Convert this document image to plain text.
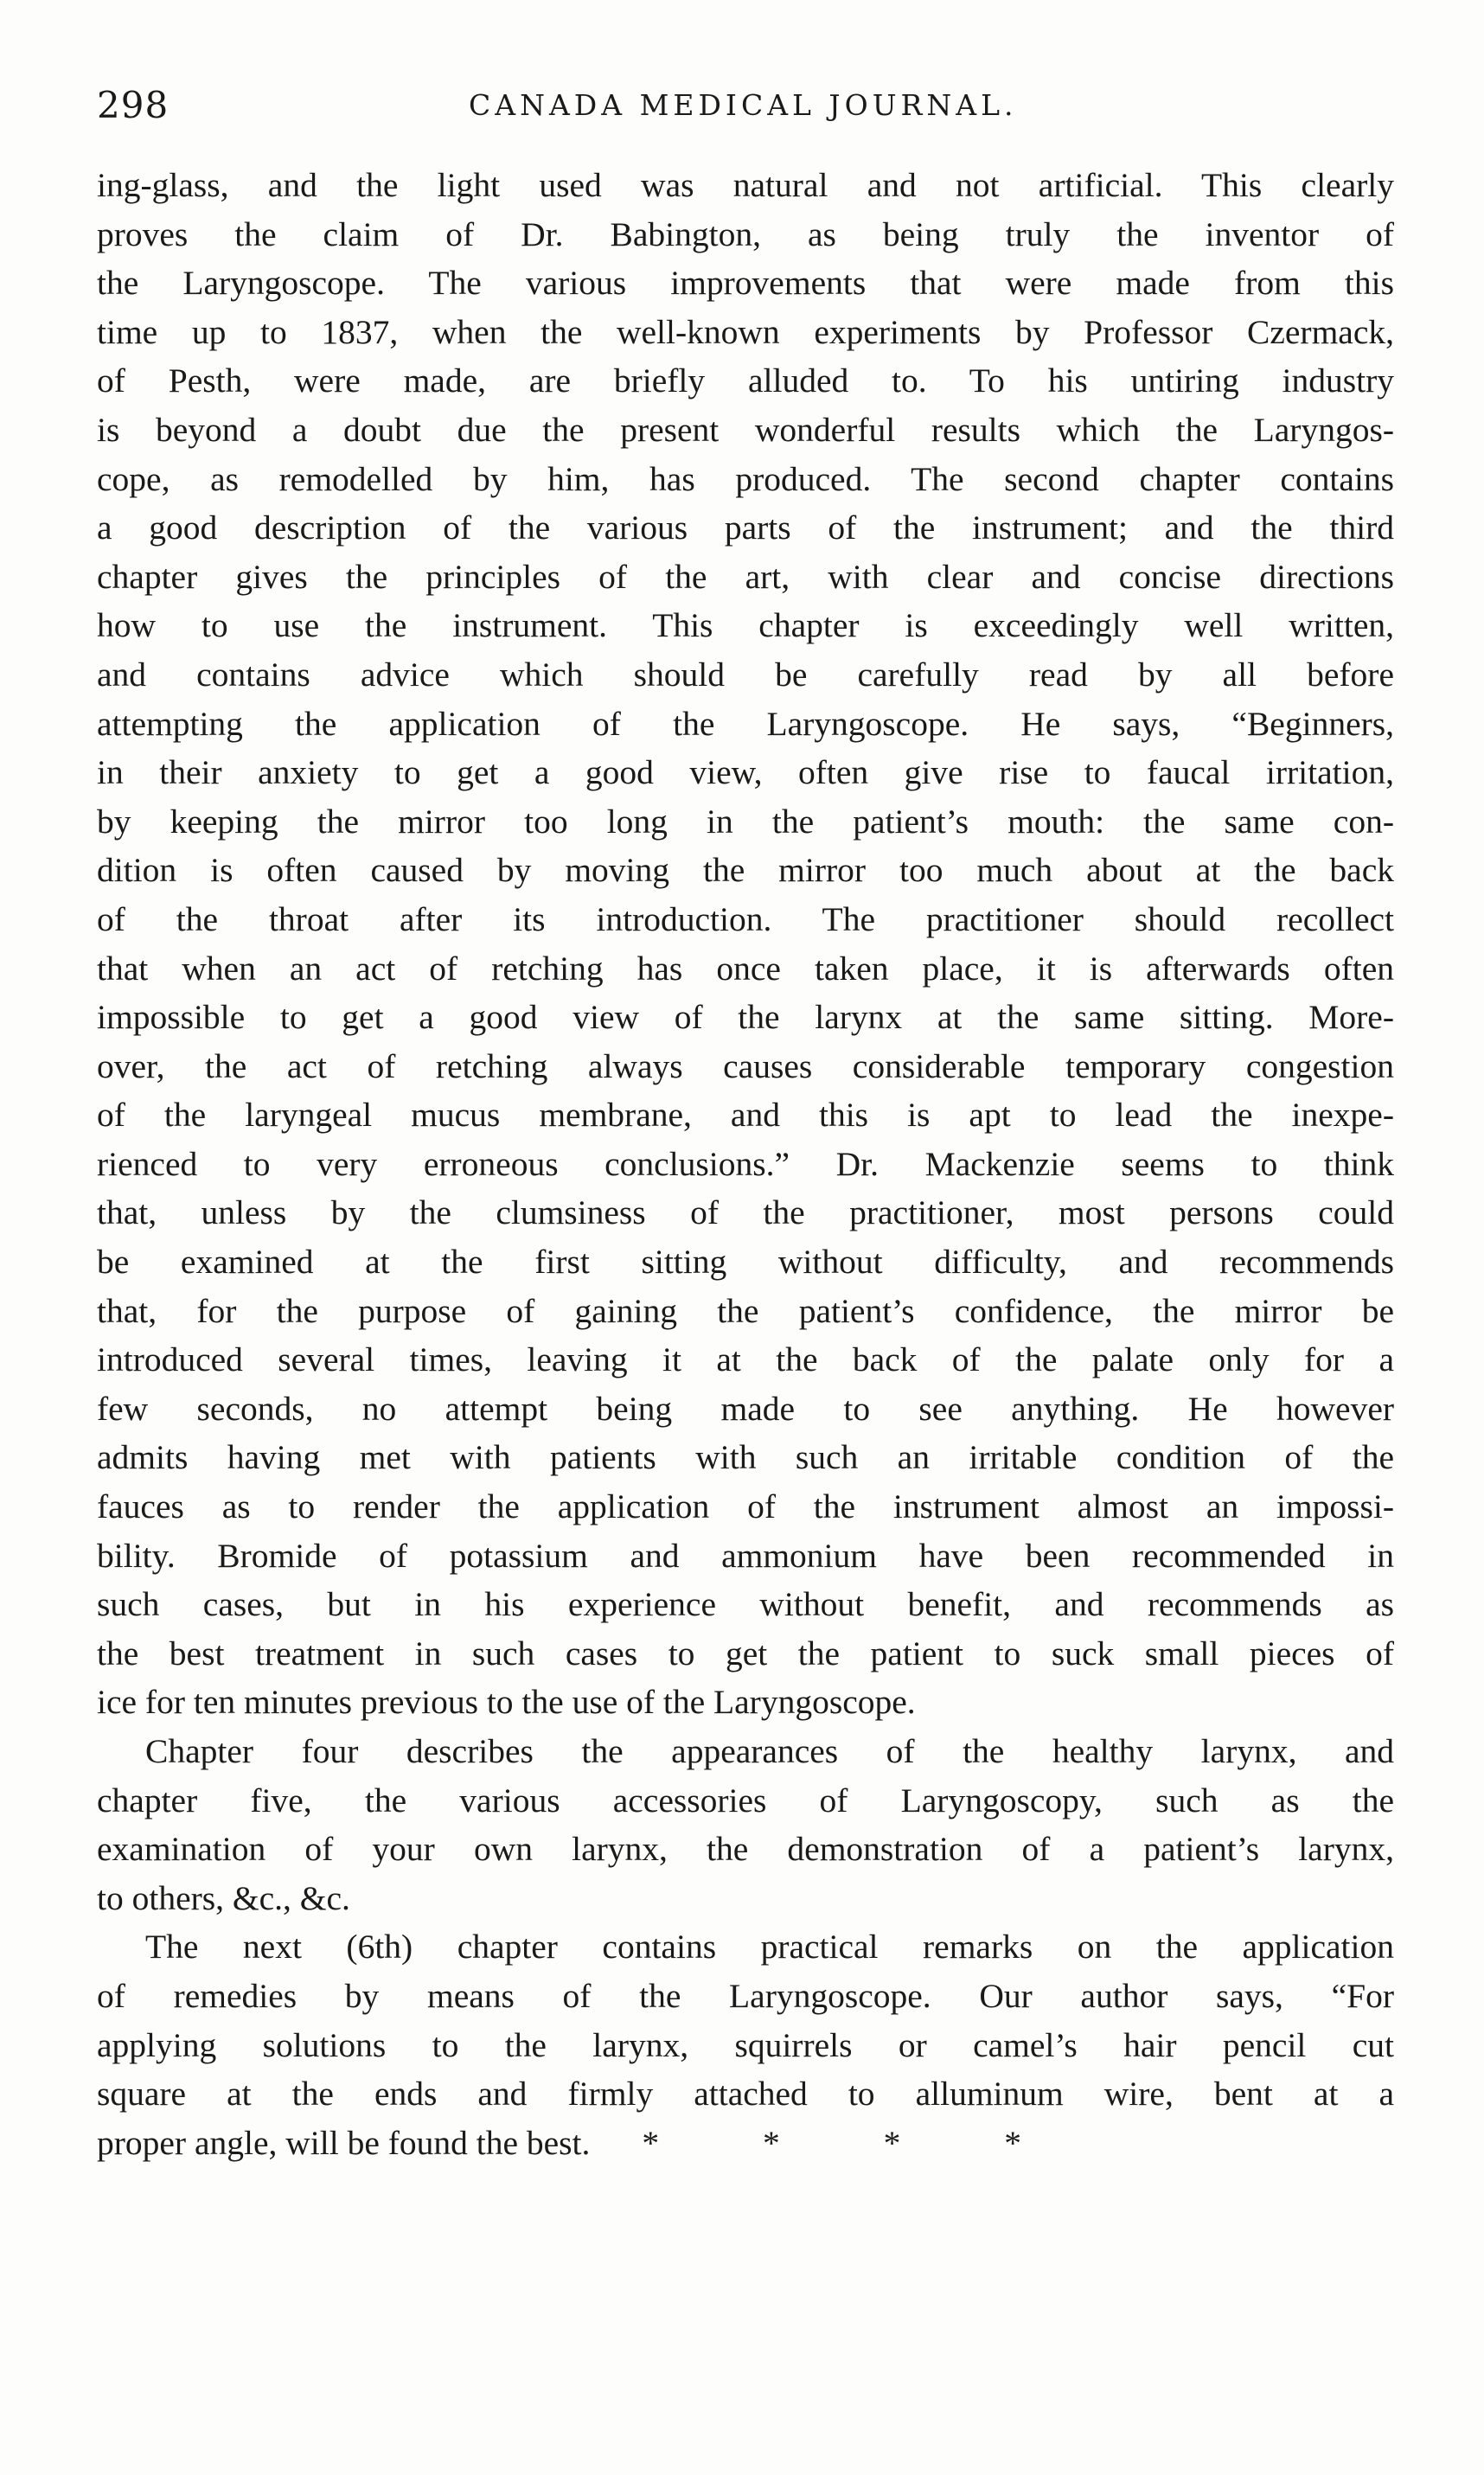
298	CANADA MEDICAL JOURNAL.
ing-glass, and the light used was natural and not artificial. This clearly
proves the claim of Dr. Babington, as being truly the inventor of
the Laryngoscope. The various improvements that were made from this
time up to 1837, when the well-known experiments by Professor Czermack,
of Pesth, were made, are briefly alluded to. To his untiring industry
is beyond a doubt due the present wonderful results which the Laryngos-
cope, as remodelled by him, has produced. The second chapter contains
a good description of the various parts of the instrument; and the third
chapter gives the principles of the art, with clear and concise directions
how to use the instrument. This chapter is exceedingly well written,
and contains advice which should be carefully read by all before
attempting the application of the Laryngoscope. He says, “Beginners,
in their anxiety to get a good view, often give rise to faucal irritation,
by keeping the mirror too long in the patient’s mouth: the same con-
dition is often caused by moving the mirror too much about at the back
of the throat after its introduction. The practitioner should recollect
that when an act of retching has once taken place, it is afterwards often
impossible to get a good view of the larynx at the same sitting. More-
over, the act of retching always causes considerable temporary congestion
of the laryngeal mucus membrane, and this is apt to lead the inexpe-
rienced to very erroneous conclusions.” Dr. Mackenzie seems to think
that, unless by the clumsiness of the practitioner, most persons could
be examined at the first sitting without difficulty, and recommends
that, for the purpose of gaining the patient’s confidence, the mirror be
introduced several times, leaving it at the back of the palate only for a
few seconds, no attempt being made to see anything. He however
admits having met with patients with such an irritable condition of the
fauces as to render the application of the instrument almost an impossi-
bility. Bromide of potassium and ammonium have been recommended in
such cases, but in his experience without benefit, and recommends as
the best treatment in such cases to get the patient to suck small pieces of
ice for ten minutes previous to the use of the Laryngoscope.
Chapter four describes the appearances of the healthy larynx, and
chapter five, the various accessories of Laryngoscopy, such as the
examination of your own larynx, the demonstration of a patient’s larynx,
to others, &c., &c.
The next (6th) chapter contains practical remarks on the application
of remedies by means of the Laryngoscope. Our author says, “For
applying solutions to the larynx, squirrels or camel’s hair pencil cut
square at the ends and firmly attached to alluminum wire, bent at a
proper angle, will be found the best. * * * *
